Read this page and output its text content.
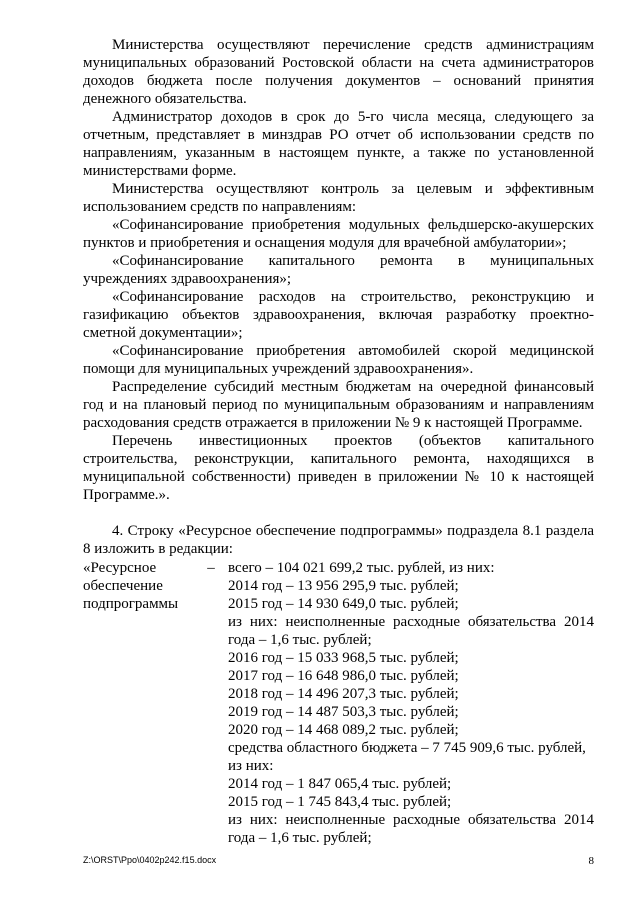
Министерства осуществляют перечисление средств администрациям муниципальных образований Ростовской области на счета администраторов доходов бюджета после получения документов – оснований принятия денежного обязательства.

Администратор доходов в срок до 5-го числа месяца, следующего за отчетным, представляет в минздрав РО отчет об использовании средств по направлениям, указанным в настоящем пункте, а также по установленной министерствами форме.

Министерства осуществляют контроль за целевым и эффективным использованием средств по направлениям:

«Софинансирование приобретения модульных фельдшерско-акушерских пунктов и приобретения и оснащения модуля для врачебной амбулатории»;

«Софинансирование капитального ремонта в муниципальных учреждениях здравоохранения»;

«Софинансирование расходов на строительство, реконструкцию и газификацию объектов здравоохранения, включая разработку проектно-сметной документации»;

«Софинансирование приобретения автомобилей скорой медицинской помощи для муниципальных учреждений здравоохранения».

Распределение субсидий местным бюджетам на очередной финансовый год и на плановый период по муниципальным образованиям и направлениям расходования средств отражается в приложении № 9 к настоящей Программе.

Перечень инвестиционных проектов (объектов капитального строительства, реконструкции, капитального ремонта, находящихся в муниципальной собственности) приведен в приложении № 10 к настоящей Программе.».

4. Строку «Ресурсное обеспечение подпрограммы» подраздела 8.1 раздела 8 изложить в редакции:

«Ресурсное обеспечение подпрограммы
– всего – 104 021 699,2 тыс. рублей, из них:
2014 год – 13 956 295,9 тыс. рублей;
2015 год – 14 930 649,0 тыс. рублей;
из них: неисполненные расходные обязательства 2014 года – 1,6 тыс. рублей;
2016 год – 15 033 968,5 тыс. рублей;
2017 год – 16 648 986,0 тыс. рублей;
2018 год – 14 496 207,3 тыс. рублей;
2019 год – 14 487 503,3 тыс. рублей;
2020 год – 14 468 089,2 тыс. рублей;
средства областного бюджета – 7 745 909,6 тыс. рублей,
из них:
2014 год – 1 847 065,4 тыс. рублей;
2015 год – 1 745 843,4 тыс. рублей;
из них: неисполненные расходные обязательства 2014 года – 1,6 тыс. рублей;
Z:\ORST\Ppo\0402p242.f15.docx	8
